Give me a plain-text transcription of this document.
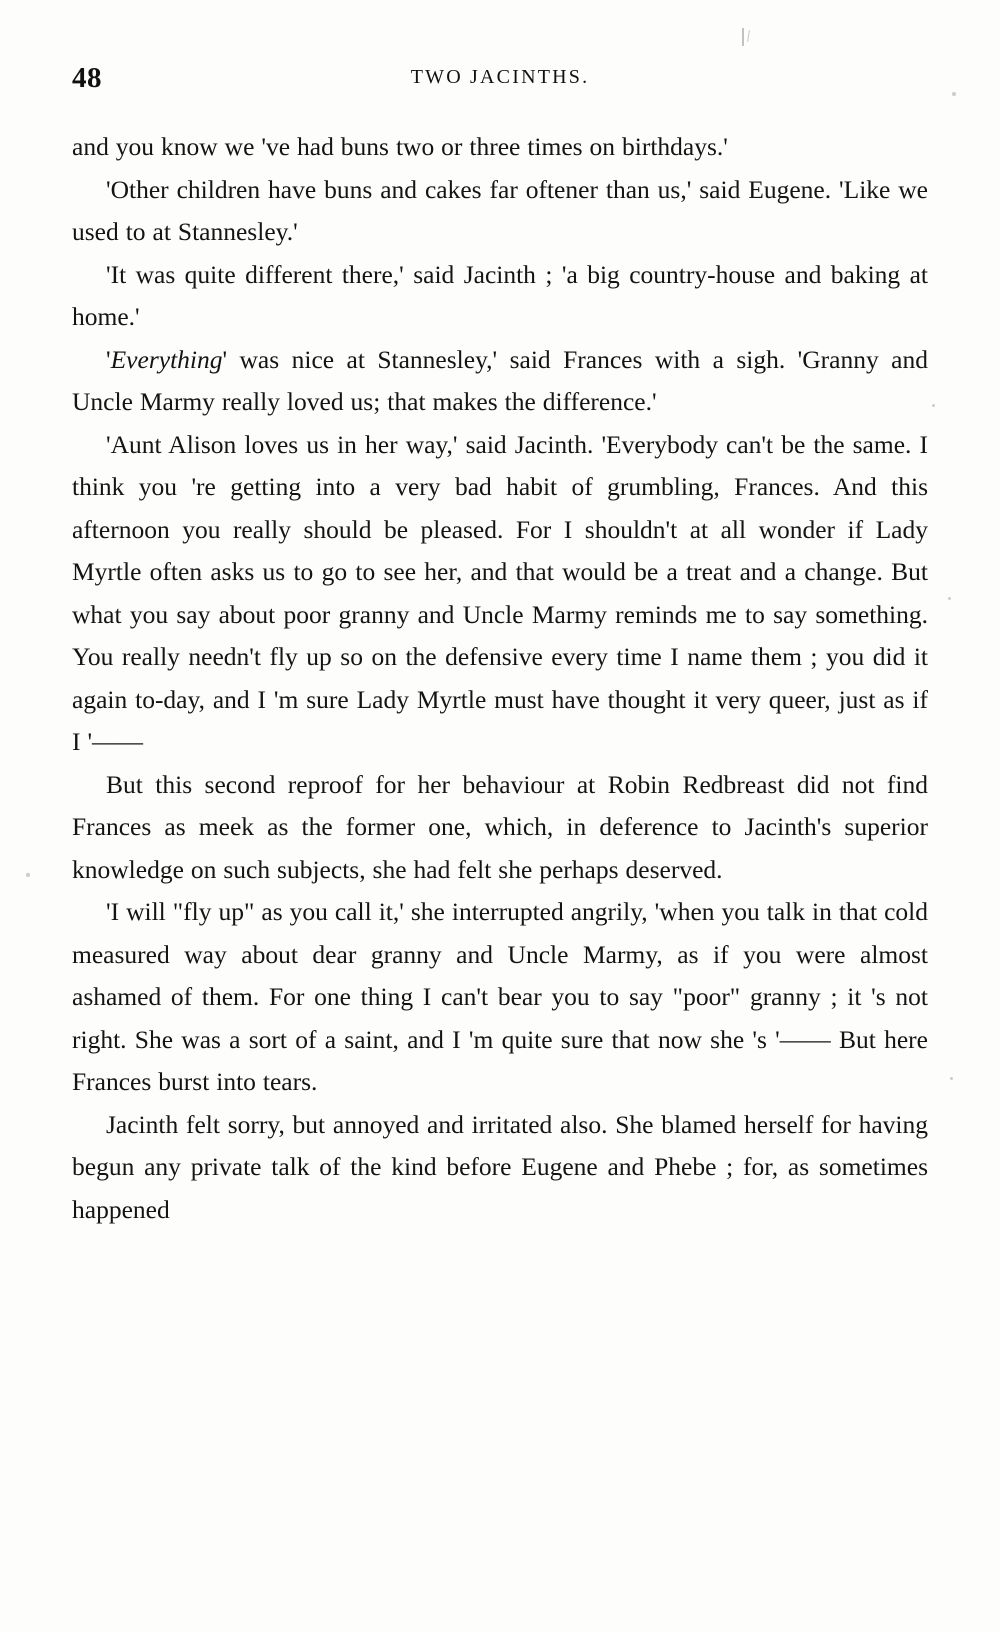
48	TWO JACINTHS.

and you know we 've had buns two or three times on birthdays.'

'Other children have buns and cakes far oftener than us,' said Eugene. 'Like we used to at Stannesley.'

'It was quite different there,' said Jacinth ; 'a big country-house and baking at home.'

'Everything' was nice at Stannesley,' said Frances with a sigh. 'Granny and Uncle Marmy really loved us; that makes the difference.'

'Aunt Alison loves us in her way,' said Jacinth. 'Everybody can't be the same. I think you 're getting into a very bad habit of grumbling, Frances. And this afternoon you really should be pleased. For I shouldn't at all wonder if Lady Myrtle often asks us to go to see her, and that would be a treat and a change. But what you say about poor granny and Uncle Marmy reminds me to say something. You really needn't fly up so on the defensive every time I name them ; you did it again to-day, and I 'm sure Lady Myrtle must have thought it very queer, just as if I '——

But this second reproof for her behaviour at Robin Redbreast did not find Frances as meek as the former one, which, in deference to Jacinth's superior knowledge on such subjects, she had felt she perhaps deserved.

'I will "fly up" as you call it,' she interrupted angrily, 'when you talk in that cold measured way about dear granny and Uncle Marmy, as if you were almost ashamed of them. For one thing I can't bear you to say "poor" granny ; it 's not right. She was a sort of a saint, and I 'm quite sure that now she 's '—— But here Frances burst into tears.

Jacinth felt sorry, but annoyed and irritated also. She blamed herself for having begun any private talk of the kind before Eugene and Phebe ; for, as sometimes happened
